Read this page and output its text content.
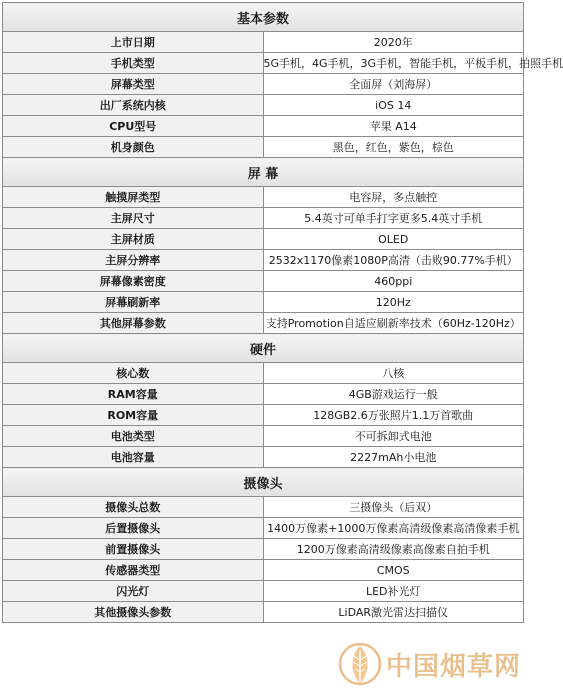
基本参数	
上市日期	2020年
手机类型	5G手机，4G手机，3G手机，智能手机，平板手机，拍照手机
屏幕类型	全面屏（刘海屏）
出厂系统内核	iOS 14
CPU型号	苹果 A14
机身颜色	黑色，红色，紫色，棕色
屏 幕	
触摸屏类型	电容屏，多点触控
主屏尺寸	5.4英寸可单手打字更多5.4英寸手机
主屏材质	OLED
主屏分辨率	2532x1170像素1080P高清（击败90.77%手机）
屏幕像素密度	460ppi
屏幕刷新率	120Hz
其他屏幕参数	支持Promotion自适应刷新率技术（60Hz-120Hz）
硬件	
核心数	八核
RAM容量	4GB游戏运行一般
ROM容量	128GB2.6万张照片1.1万首歌曲
电池类型	不可拆卸式电池
电池容量	2227mAh小电池
摄像头	
摄像头总数	三摄像头（后双）
后置摄像头	1400万像素+1000万像素高清级像素高清像素手机
前置摄像头	1200万像素高清级像素高像素自拍手机
传感器类型	CMOS
闪光灯	LED补光灯
其他摄像头参数	LiDAR激光雷达扫描仪
中国烟草网
